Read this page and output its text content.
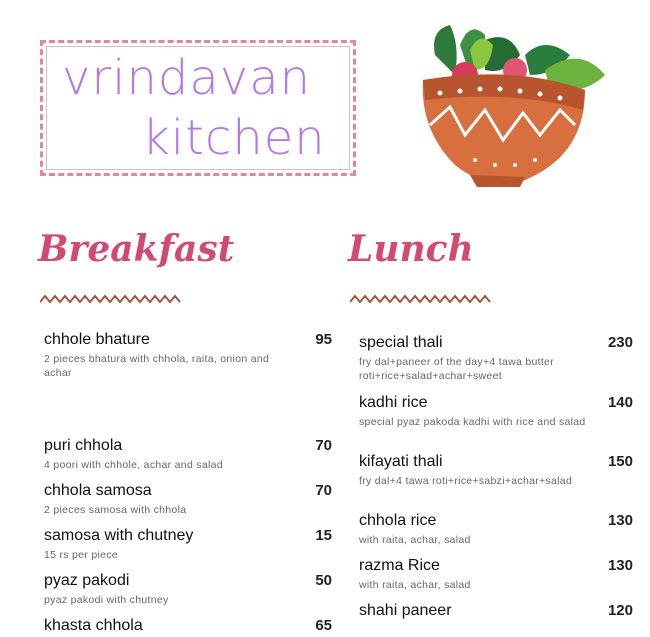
vrindavan
kitchen
Breakfast	Lunch
chhole bhature	95
2 pieces bhatura with chhola, raita, onion and achar
puri chhola	70
4 poori with chhole, achar and salad
chhola samosa	70
2 pieces samosa with chhola
samosa with chutney	15
15 rs per piece
pyaz pakodi	50
pyaz pakodi with chutney
khasta chhola	65
special thali	230
fry dal+paneer of the day+4 tawa butter roti+rice+salad+achar+sweet
kadhi rice	140
special pyaz pakoda kadhi with rice and salad
kifayati thali	150
fry dal+4 tawa roti+rice+sabzi+achar+salad
chhola rice	130
with raita, achar, salad
razma Rice	130
with raita, achar, salad
shahi paneer	120
